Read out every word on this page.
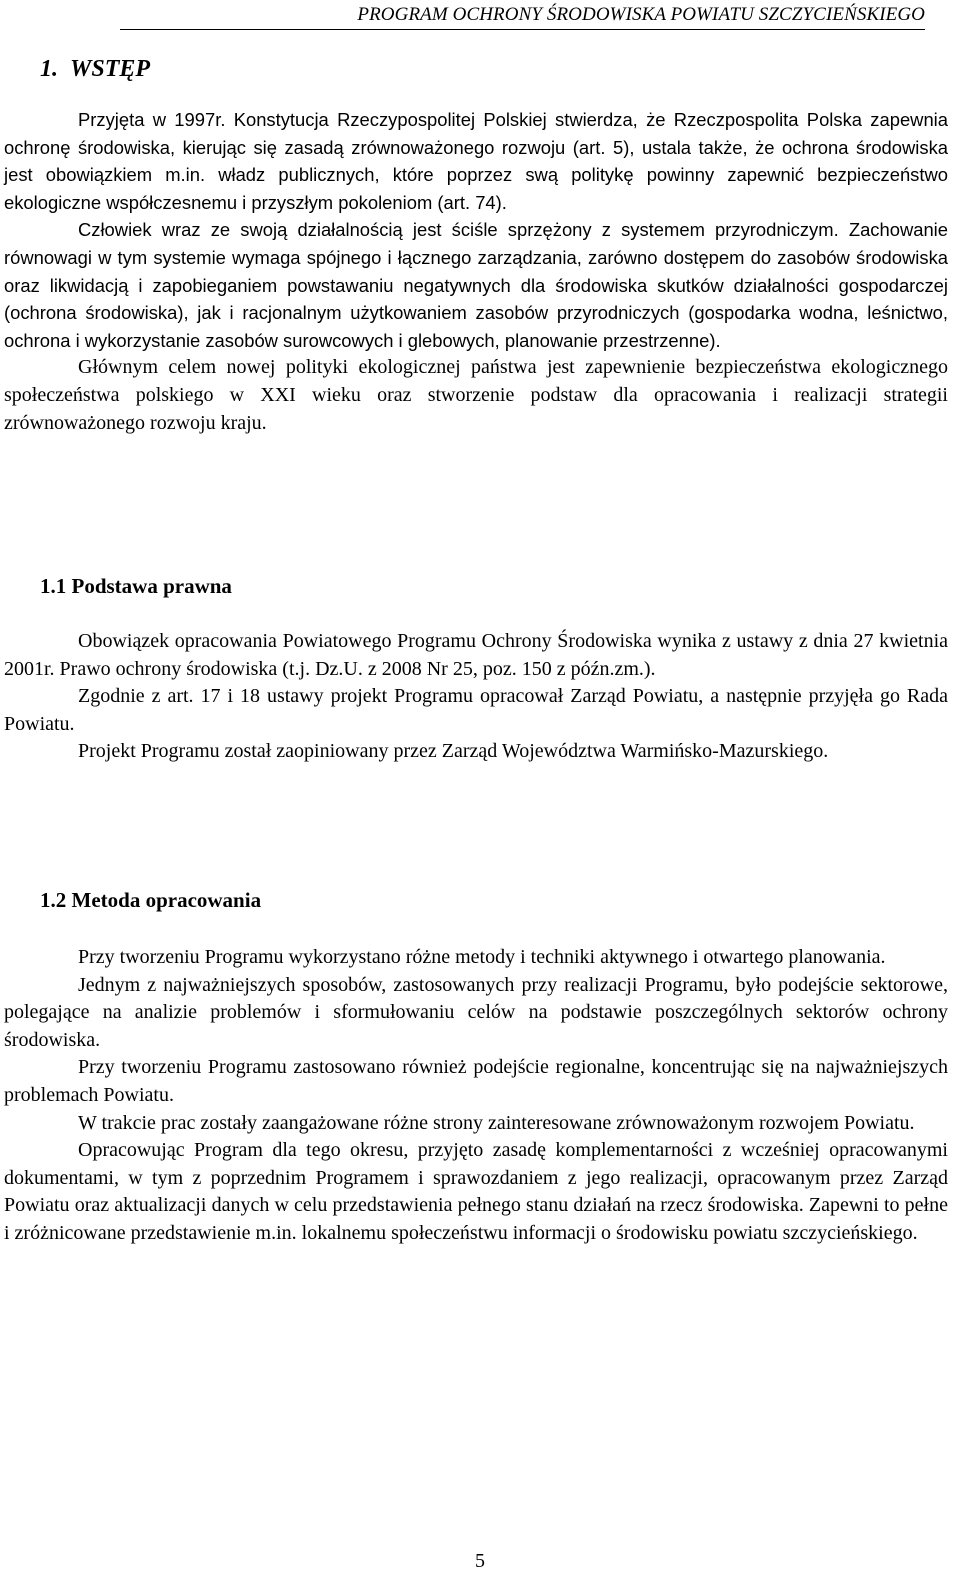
PROGRAM OCHRONY ŚRODOWISKA POWIATU SZCZYCIEŃSKIEGO
1. WSTĘP

Przyjęta w 1997r. Konstytucja Rzeczypospolitej Polskiej stwierdza, że Rzeczpospolita Polska zapewnia ochronę środowiska, kierując się zasadą zrównoważonego rozwoju (art. 5), ustala także, że ochrona środowiska jest obowiązkiem m.in. władz publicznych, które poprzez swą politykę powinny zapewnić bezpieczeństwo ekologiczne współczesnemu i przyszłym pokoleniom (art. 74).

Człowiek wraz ze swoją działalnością jest ściśle sprzężony z systemem przyrodniczym. Zachowanie równowagi w tym systemie wymaga spójnego i łącznego zarządzania, zarówno dostępem do zasobów środowiska oraz likwidacją i zapobieganiem powstawaniu negatywnych dla środowiska skutków działalności gospodarczej (ochrona środowiska), jak i racjonalnym użytkowaniem zasobów przyrodniczych (gospodarka wodna, leśnictwo, ochrona i wykorzystanie zasobów surowcowych i glebowych, planowanie przestrzenne).

Głównym celem nowej polityki ekologicznej państwa jest zapewnienie bezpieczeństwa ekologicznego społeczeństwa polskiego w XXI wieku oraz stworzenie podstaw dla opracowania i realizacji strategii zrównoważonego rozwoju kraju.

1.1 Podstawa prawna

Obowiązek opracowania Powiatowego Programu Ochrony Środowiska wynika z ustawy z dnia 27 kwietnia 2001r. Prawo ochrony środowiska (t.j. Dz.U. z 2008 Nr 25, poz. 150 z późn.zm.).

Zgodnie z art. 17 i 18 ustawy projekt Programu opracował Zarząd Powiatu, a następnie przyjęła go Rada Powiatu.

Projekt Programu został zaopiniowany przez Zarząd Województwa Warmińsko-Mazurskiego.

1.2 Metoda opracowania

Przy tworzeniu Programu wykorzystano różne metody i techniki aktywnego i otwartego planowania.

Jednym z najważniejszych sposobów, zastosowanych przy realizacji Programu, było podejście sektorowe, polegające na analizie problemów i sformułowaniu celów na podstawie poszczególnych sektorów ochrony środowiska.

Przy tworzeniu Programu zastosowano również podejście regionalne, koncentrując się na najważniejszych problemach Powiatu.

W trakcie prac zostały zaangażowane różne strony zainteresowane zrównoważonym rozwojem Powiatu.

Opracowując Program dla tego okresu, przyjęto zasadę komplementarności z wcześniej opracowanymi dokumentami, w tym z poprzednim Programem i sprawozdaniem z jego realizacji, opracowanym przez Zarząd Powiatu oraz aktualizacji danych w celu przedstawienia pełnego stanu działań na rzecz środowiska. Zapewni to pełne i zróżnicowane przedstawienie m.in. lokalnemu społeczeństwu informacji o środowisku powiatu szczycieńskiego.

5
